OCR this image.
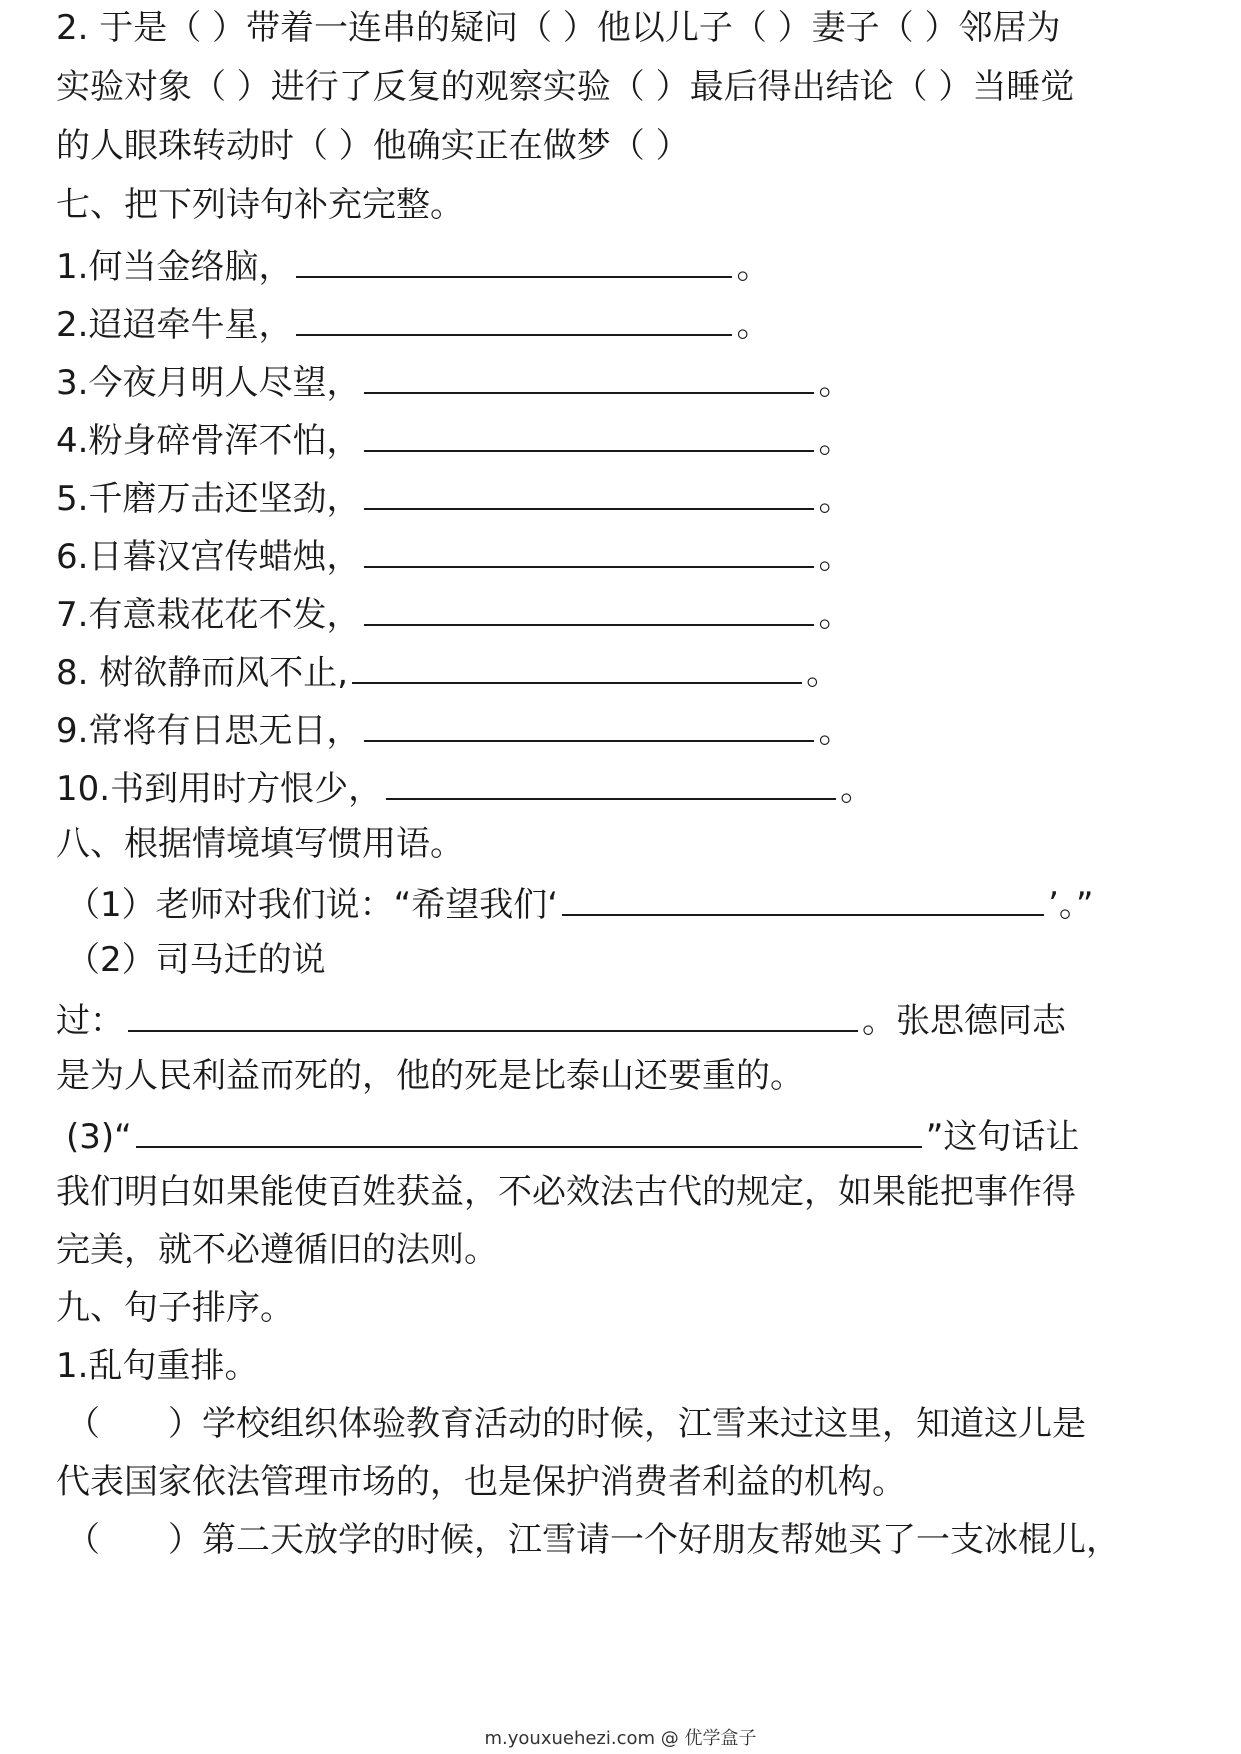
2. 于是（ ）带着一连串的疑问（ ）他以儿子（ ）妻子（ ）邻居为
实验对象（ ）进行了反复的观察实验（ ）最后得出结论（ ）当睡觉
的人眼珠转动时（ ）他确实正在做梦（ ）
七、把下列诗句补充完整。
1.何当金络脑，	。
2.迢迢牵牛星，	。
3.今夜月明人尽望，	。
4.粉身碎骨浑不怕，	。
5.千磨万击还坚劲，	。
6.日暮汉宫传蜡烛，	。
7.有意栽花花不发，	。
8. 树欲静而风不止,	。
9.常将有日思无日，	。
10.书到用时方恨少，	。
八、根据情境填写惯用语。
（1）老师对我们说：“希望我们‘	’。”
（2）司马迁的说
过：	。张思德同志
是为人民利益而死的，他的死是比泰山还要重的。
(3)“	”这句话让
我们明白如果能使百姓获益，不必效法古代的规定，如果能把事作得
完美，就不必遵循旧的法则。
九、句子排序。
1.乱句重排。
（　　）学校组织体验教育活动的时候，江雪来过这里，知道这儿是
代表国家依法管理市场的，也是保护消费者利益的机构。
（　　）第二天放学的时候，江雪请一个好朋友帮她买了一支冰棍儿，
m.youxuehezi.com @ 优学盒子
